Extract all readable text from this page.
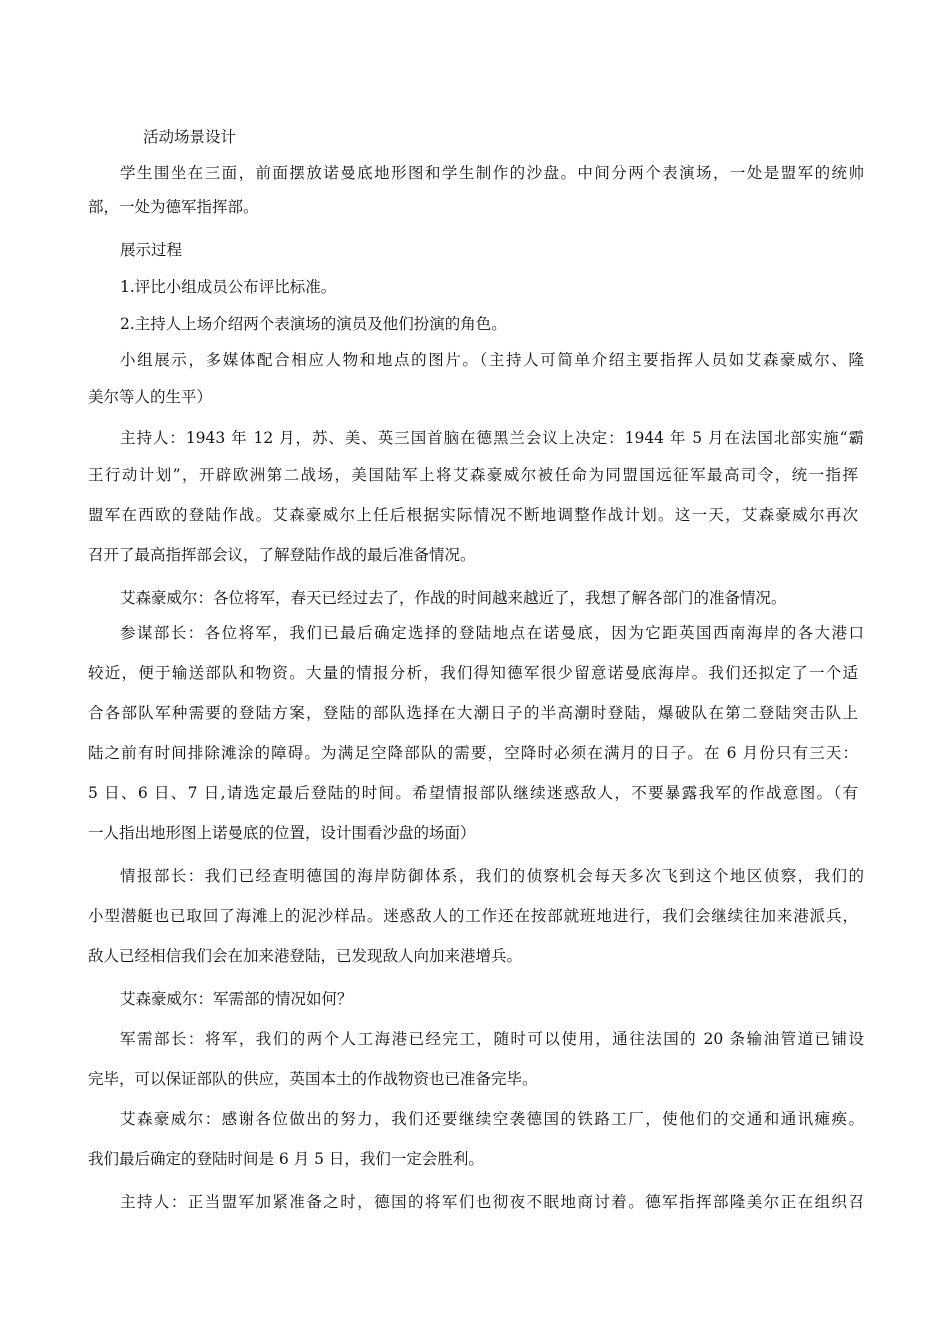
活动场景设计
学生围坐在三面，前面摆放诺曼底地形图和学生制作的沙盘。中间分两个表演场，一处是盟军的统帅
部，一处为德军指挥部。
展示过程
1.评比小组成员公布评比标准。
2.主持人上场介绍两个表演场的演员及他们扮演的角色。
小组展示，多媒体配合相应人物和地点的图片。（主持人可简单介绍主要指挥人员如艾森豪威尔、隆
美尔等人的生平）
主持人：1943 年 12 月，苏、美、英三国首脑在德黑兰会议上决定：1944 年 5 月在法国北部实施“霸
王行动计划”，开辟欧洲第二战场，美国陆军上将艾森豪威尔被任命为同盟国远征军最高司令，统一指挥
盟军在西欧的登陆作战。艾森豪威尔上任后根据实际情况不断地调整作战计划。这一天，艾森豪威尔再次
召开了最高指挥部会议，了解登陆作战的最后准备情况。
艾森豪威尔：各位将军，春天已经过去了，作战的时间越来越近了，我想了解各部门的准备情况。
参谋部长：各位将军，我们已最后确定选择的登陆地点在诺曼底，因为它距英国西南海岸的各大港口
较近，便于输送部队和物资。大量的情报分析，我们得知德军很少留意诺曼底海岸。我们还拟定了一个适
合各部队军种需要的登陆方案，登陆的部队选择在大潮日子的半高潮时登陆，爆破队在第二登陆突击队上
陆之前有时间排除滩涂的障碍。为满足空降部队的需要，空降时必须在满月的日子。在 6 月份只有三天：
5 日、6 日、7 日,请选定最后登陆的时间。希望情报部队继续迷惑敌人，不要暴露我军的作战意图。（有
一人指出地形图上诺曼底的位置，设计围看沙盘的场面）
情报部长：我们已经查明德国的海岸防御体系，我们的侦察机会每天多次飞到这个地区侦察，我们的
小型潜艇也已取回了海滩上的泥沙样品。迷惑敌人的工作还在按部就班地进行，我们会继续往加来港派兵，
敌人已经相信我们会在加来港登陆，已发现敌人向加来港增兵。
艾森豪威尔：军需部的情况如何？
军需部长：将军，我们的两个人工海港已经完工，随时可以使用，通往法国的 20 条输油管道已铺设
完毕，可以保证部队的供应，英国本土的作战物资也已准备完毕。
艾森豪威尔：感谢各位做出的努力，我们还要继续空袭德国的铁路工厂，使他们的交通和通讯瘫痪。
我们最后确定的登陆时间是 6 月 5 日，我们一定会胜利。
主持人：正当盟军加紧准备之时，德国的将军们也彻夜不眠地商讨着。德军指挥部隆美尔正在组织召
